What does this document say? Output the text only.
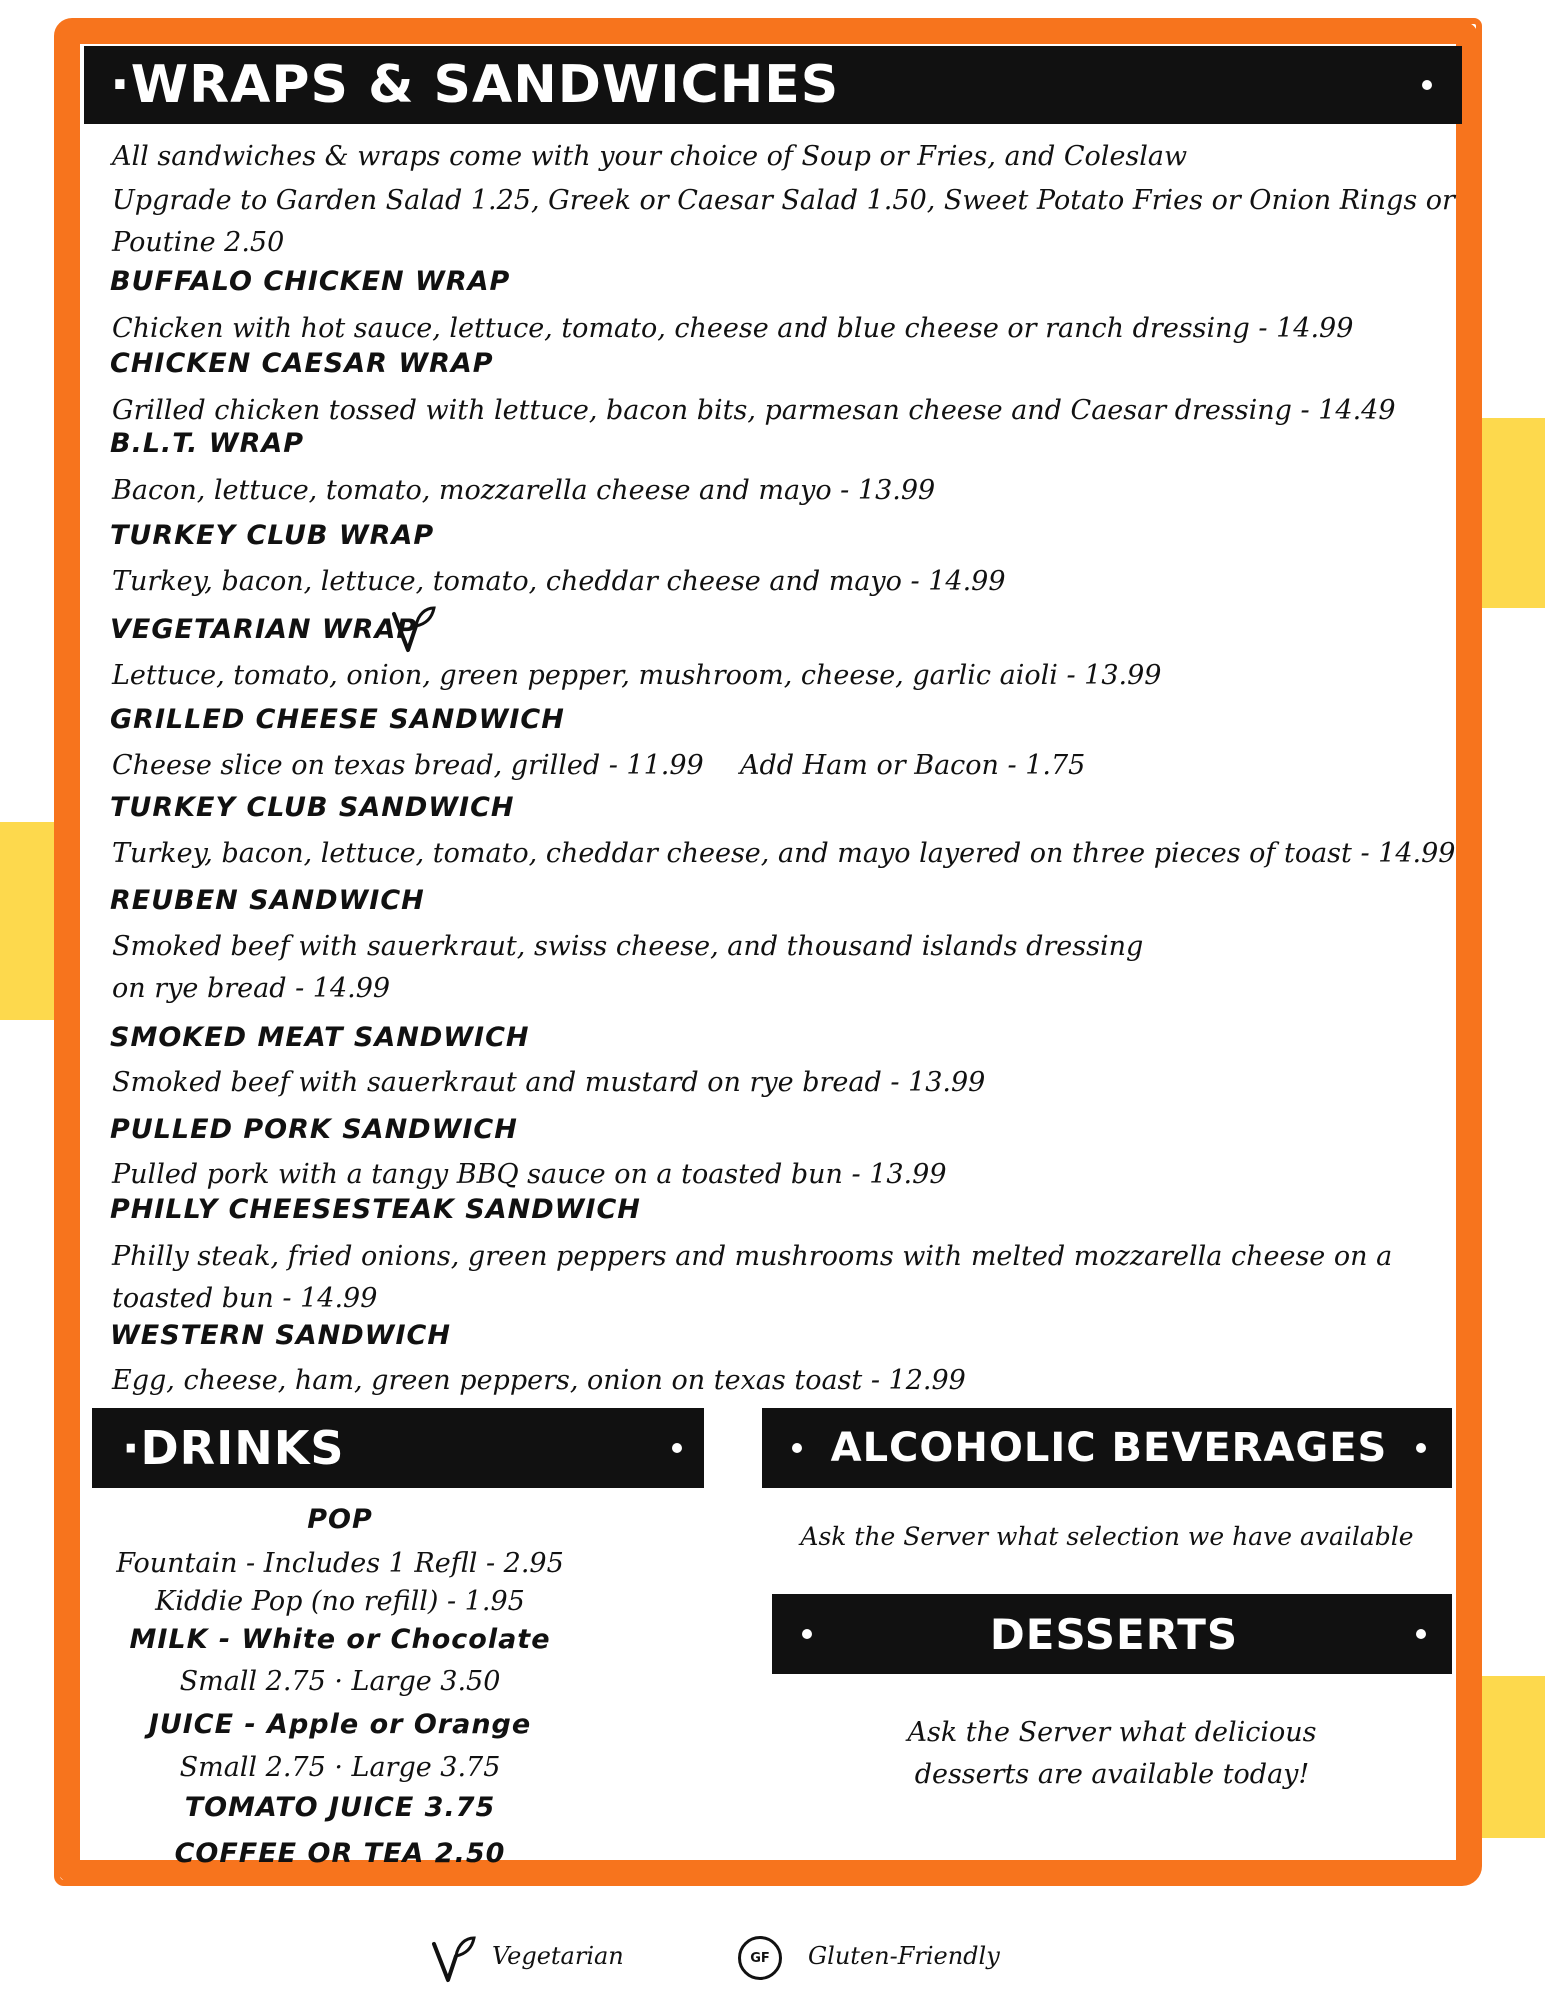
·WRAPS & SANDWICHES

All sandwiches & wraps come with your choice of Soup or Fries, and Coleslaw

Upgrade to Garden Salad 1.25, Greek or Caesar Salad 1.50, Sweet Potato Fries or Onion Rings or

Poutine 2.50

BUFFALO CHICKEN WRAP

Chicken with hot sauce, lettuce, tomato, cheese and blue cheese or ranch dressing - 14.99

CHICKEN CAESAR WRAP

Grilled chicken tossed with lettuce, bacon bits, parmesan cheese and Caesar dressing - 14.49

B.L.T. WRAP

Bacon, lettuce, tomato, mozzarella cheese and mayo - 13.99

TURKEY CLUB WRAP

Turkey, bacon, lettuce, tomato, cheddar cheese and mayo - 14.99

VEGETARIAN WRAP

Lettuce, tomato, onion, green pepper, mushroom, cheese, garlic aioli - 13.99

GRILLED CHEESE SANDWICH

Cheese slice on texas bread, grilled - 11.99 Add Ham or Bacon - 1.75

TURKEY CLUB SANDWICH

Turkey, bacon, lettuce, tomato, cheddar cheese, and mayo layered on three pieces of toast - 14.99

REUBEN SANDWICH

Smoked beef with sauerkraut, swiss cheese, and thousand islands dressing

on rye bread - 14.99

SMOKED MEAT SANDWICH

Smoked beef with sauerkraut and mustard on rye bread - 13.99

PULLED PORK SANDWICH

Pulled pork with a tangy BBQ sauce on a toasted bun - 13.99

PHILLY CHEESESTEAK SANDWICH

Philly steak, fried onions, green peppers and mushrooms with melted mozzarella cheese on a

toasted bun - 14.99

WESTERN SANDWICH

Egg, cheese, ham, green peppers, onion on texas toast - 12.99

·DRINKS
POP
Fountain - Includes 1 Refll - 2.95
Kiddie Pop (no refill) - 1.95
MILK - White or Chocolate
Small 2.75 · Large 3.50
JUICE - Apple or Orange
Small 2.75 · Large 3.75
TOMATO JUICE 3.75
COFFEE OR TEA 2.50
ALCOHOLIC BEVERAGES
Ask the Server what selection we have available
DESSERTS
Ask the Server what delicious
desserts are available today!
Vegetarian	GF Gluten-Friendly
